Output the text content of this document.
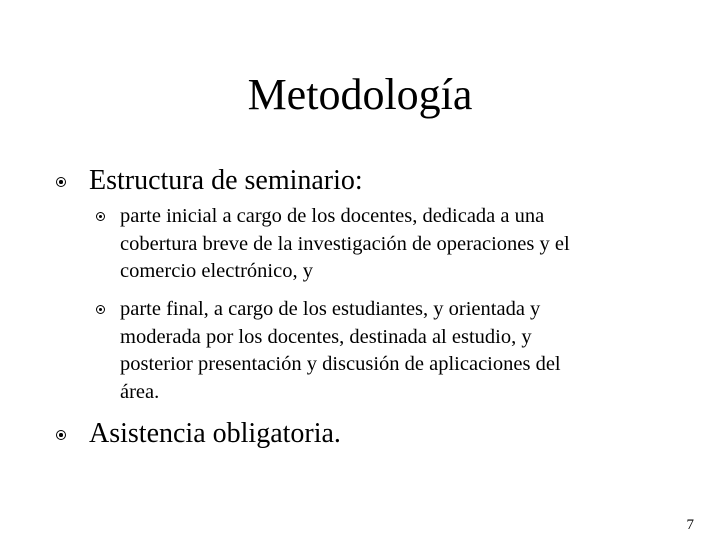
Metodología
Estructura de seminario:
parte inicial a cargo de los docentes, dedicada a una
cobertura breve de la investigación de operaciones y el
comercio electrónico, y
parte final, a cargo de los estudiantes, y orientada y
moderada por los docentes, destinada al estudio, y
posterior presentación y discusión de aplicaciones del
área.
Asistencia obligatoria.
7
